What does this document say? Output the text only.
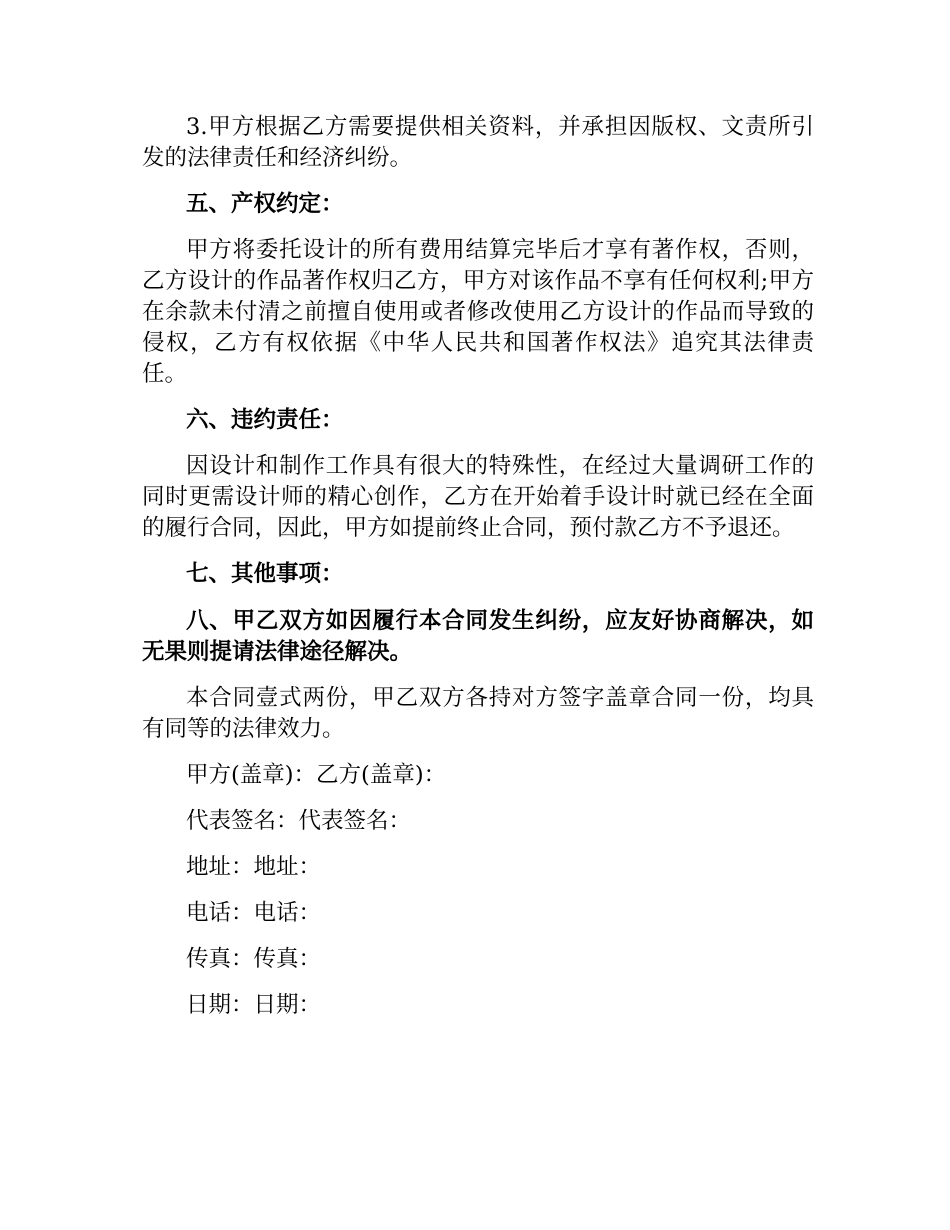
3.甲方根据乙方需要提供相关资料，并承担因版权、文责所引发的法律责任和经济纠纷。

五、产权约定：

甲方将委托设计的所有费用结算完毕后才享有著作权，否则，乙方设计的作品著作权归乙方，甲方对该作品不享有任何权利;甲方在余款未付清之前擅自使用或者修改使用乙方设计的作品而导致的侵权，乙方有权依据《中华人民共和国著作权法》追究其法律责任。

六、违约责任：

因设计和制作工作具有很大的特殊性，在经过大量调研工作的同时更需设计师的精心创作，乙方在开始着手设计时就已经在全面的履行合同，因此，甲方如提前终止合同，预付款乙方不予退还。

七、其他事项：

八、甲乙双方如因履行本合同发生纠纷，应友好协商解决，如无果则提请法律途径解决。

本合同壹式两份，甲乙双方各持对方签字盖章合同一份，均具有同等的法律效力。

甲方(盖章)：乙方(盖章)：

代表签名：代表签名：

地址：地址：

电话：电话：

传真：传真：

日期：日期：
